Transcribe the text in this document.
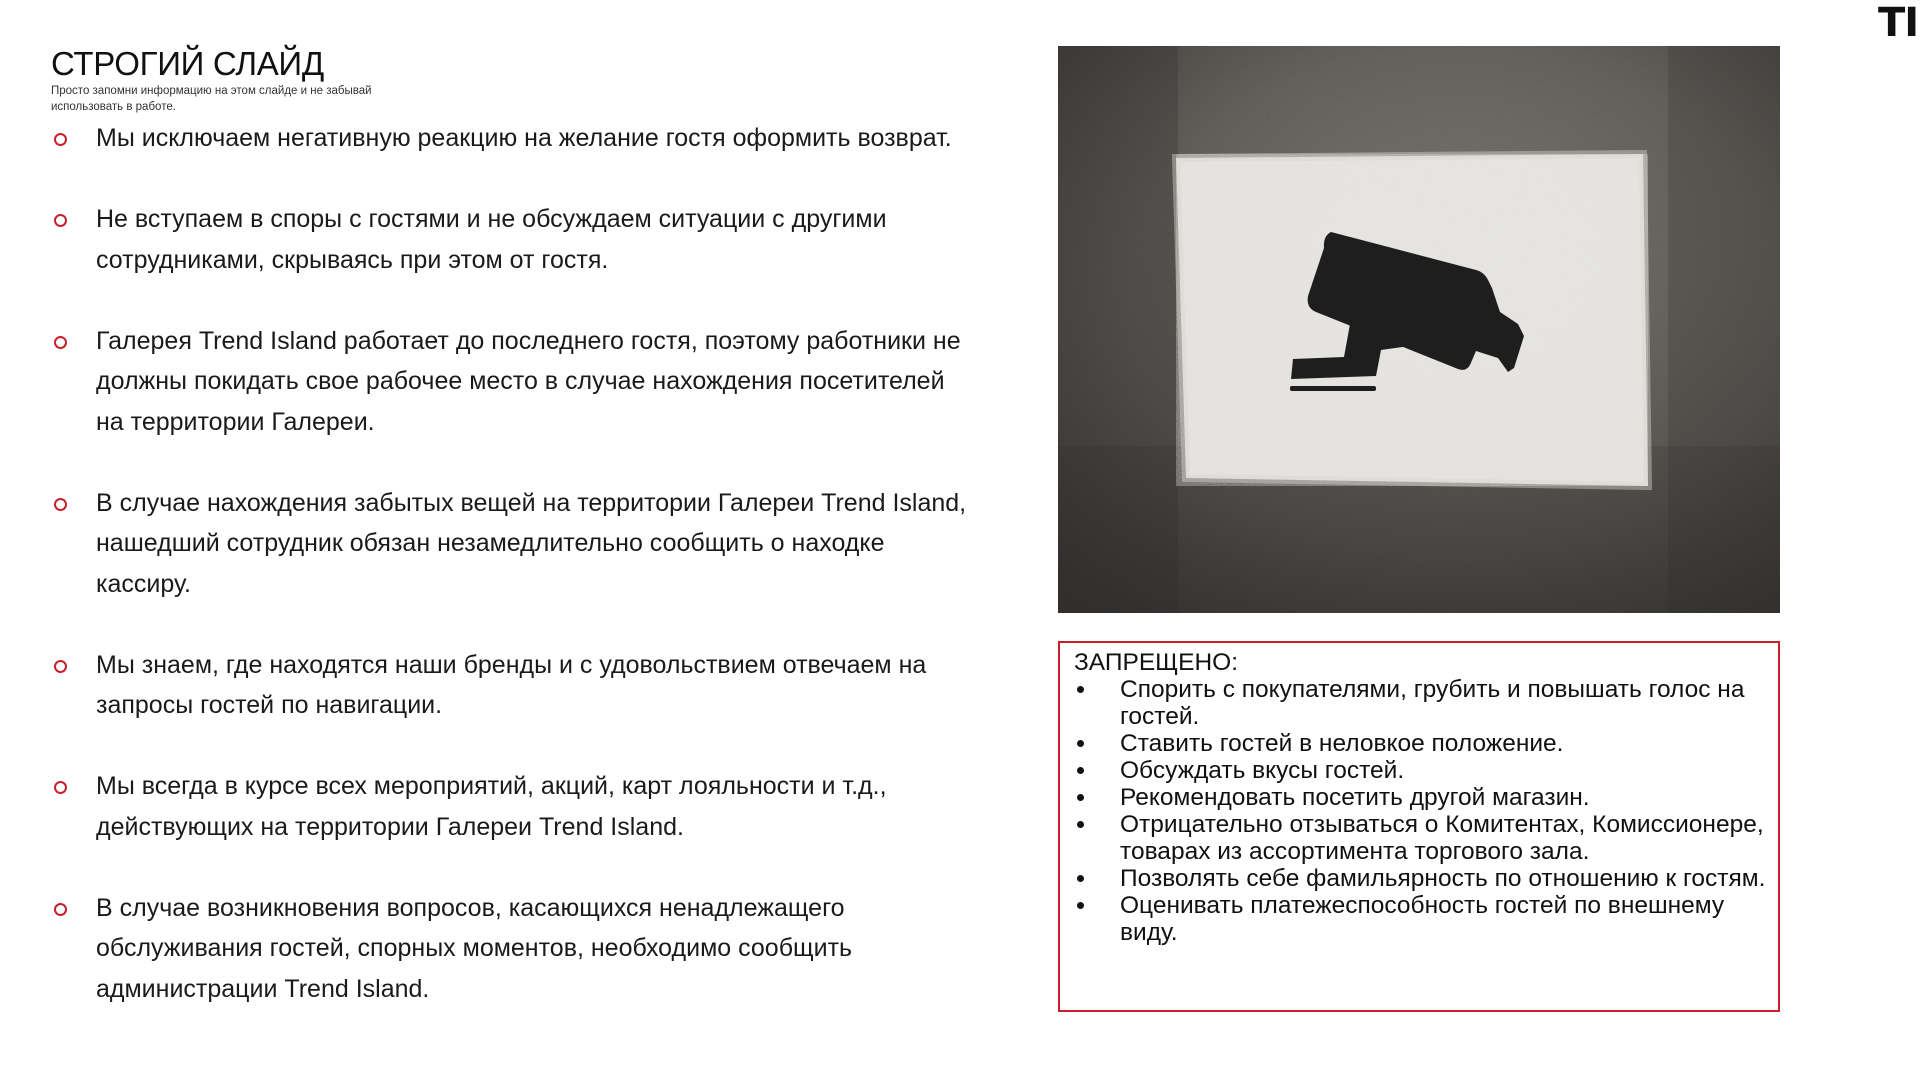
TI
СТРОГИЙ СЛАЙД
Просто запомни информацию на этом слайде и не забывай использовать в работе.
Мы исключаем негативную реакцию на желание гостя оформить возврат.
Не вступаем в споры с гостями и не обсуждаем ситуации с другими сотрудниками, скрываясь при этом от гостя.
Галерея Trend Island работает до последнего гостя, поэтому работники не должны покидать свое рабочее место в случае нахождения посетителей на территории Галереи.
В случае нахождения забытых вещей на территории Галереи Trend Island, нашедший сотрудник обязан незамедлительно сообщить о находке кассиру.
Мы знаем, где находятся наши бренды и с удовольствием отвечаем на запросы гостей по навигации.
Мы всегда в курсе всех мероприятий, акций, карт лояльности и т.д., действующих на территории Галереи Trend Island.
В случае возникновения вопросов, касающихся ненадлежащего обслуживания гостей, спорных моментов, необходимо сообщить администрации Trend Island.
ЗАПРЕЩЕНО:
Спорить с покупателями, грубить и повышать голос на гостей.
Ставить гостей в неловкое положение.
Обсуждать вкусы гостей.
Рекомендовать посетить другой магазин.
Отрицательно отзываться о Комитентах, Комиссионере, товарах из ассортимента торгового зала.
Позволять себе фамильярность по отношению к гостям.
Оценивать платежеспособность гостей по внешнему виду.
